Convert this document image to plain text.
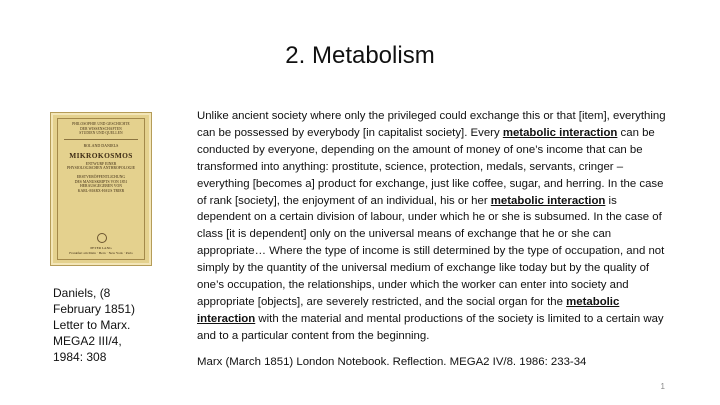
2. Metabolism
PHILOSOPHIE UND GESCHICHTE
DER WISSENSCHAFTEN
STUDIEN UND QUELLEN
ROLAND DANIELS
MIKROKOSMOS
ENTWURF EINER
PHYSIOLOGISCHEN ANTHROPOLOGIE
ERSTVERÖFFENTLICHUNG
DES MANUSKRIPTS VON 1851
HERAUSGEGEBEN VON
KARL-MARX-HAUS TRIER
PETER LANG
Frankfurt am Main · Bern · New York · Paris
Daniels, (8
February 1851)
Letter to Marx.
MEGA2 III/4,
1984: 308
Unlike ancient society where only the privileged could exchange this or that [item], everything can be possessed by everybody [in capitalist society]. Every metabolic interaction can be conducted by everyone, depending on the amount of money of one’s income that can be transformed into anything: prostitute, science, protection, medals, servants, cringer – everything [becomes a] product for exchange, just like coffee, sugar, and herring. In the case of rank [society], the enjoyment of an individual, his or her metabolic interaction is dependent on a certain division of labour, under which he or she is subsumed. In the case of class [it is dependent] only on the universal means of exchange that he or she can appropriate… Where the type of income is still determined by the type of occupation, and not simply by the quantity of the universal medium of exchange like today but by the quality of one’s occupation, the relationships, under which the worker can enter into society and appropriate [objects], are severely restricted, and the social organ for the metabolic interaction with the material and mental productions of the society is limited to a certain way and to a particular content from the beginning.
Marx (March 1851) London Notebook. Reflection. MEGA2 IV/8. 1986: 233-34
1
